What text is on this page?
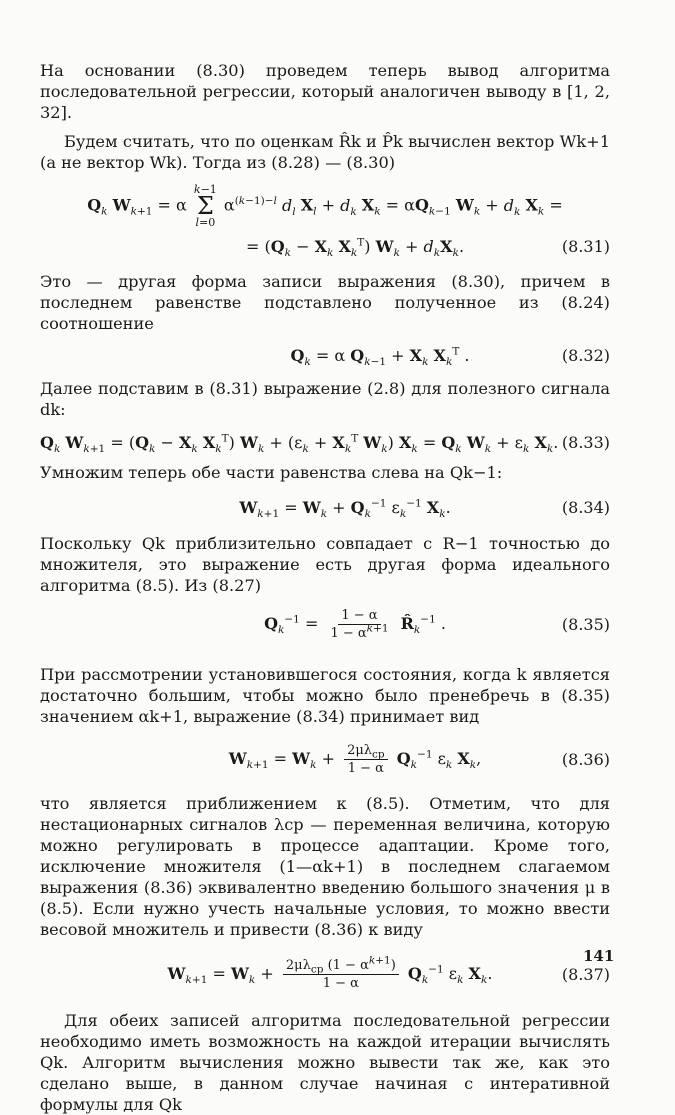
На основании (8.30) проведем теперь вывод алгоритма последовательной регрессии, который аналогичен выводу в [1, 2, 32].

Будем считать, что по оценкам R̂k и P̂k вычислен вектор Wk+1 (а не вектор Wk). Тогда из (8.28) — (8.30)

$Q_k$ $W_{k+1} = \alpha$
k−1
Σ
l=0
$\alpha^{(k-1)-l}$ $d_l$ $X_l + d_k$ $X_k = \alpha Q_{k-1}$ $W_k + d_k$ $X_k$ =
= ($Q_k - X_k$ $X_k^T$) $W_k + d_kX_k$.	(8.31)

Это — другая форма записи выражения (8.30), причем в последнем равенстве подставлено полученное из (8.24) соотношение

$Q_k = \alpha$ $Q_{k-1} + X_k$ $X_k^T$ .	(8.32)

Далее подставим в (8.31) выражение (2.8) для полезного сигнала dk:

$Q_k$ $W_{k+1} = (Q_k - X_k$ $X_k^T$) $W_k + (\varepsilon_k + X_k^T$ $W_k$) $X_k = Q_k$ $W_k + \varepsilon_k$ $X_k$. (8.33)

Умножим теперь обе части равенства слева на Qk−1:

$W_{k+1} = W_k + Q_k^{-1}$ $\varepsilon_k^{-1}$ $X_k$.	(8.34)

Поскольку Qk приблизительно совпадает с R−1 точностью до множителя, это выражение есть другая форма идеального алгоритма (8.5). Из (8.27)

$Q_k^{-1} = \frac{1 - \alpha}{1 - \alpha^{k+1}}$ $R̂_k^{-1}$ .	(8.35)

При рассмотрении установившегося состояния, когда k является достаточно большим, чтобы можно было пренебречь в (8.35) значением αk+1, выражение (8.34) принимает вид

$W_{k+1} = W_k + \frac{2\mu\lambda_{cp}}{1 - \alpha} Q_k^{-1}$ $\varepsilon_k$ $X_k$,	(8.36)

что является приближением к (8.5). Отметим, что для нестационарных сигналов λcp — переменная величина, которую можно регулировать в процессе адаптации. Кроме того, исключение множителя (1—αk+1) в последнем слагаемом выражения (8.36) эквивалентно введению большого значения μ в (8.5). Если нужно учесть начальные условия, то можно ввести весовой множитель и привести (8.36) к виду

$W_{k+1} = W_k + \frac{2\mu\lambda_{cp} (1 - \alpha^{k+1})}{1 - \alpha} Q_k^{-1}$ $\varepsilon_k$ $X_k$.	(8.37)

Для обеих записей алгоритма последовательной регрессии необходимо иметь возможность на каждой итерации вычислять Qk. Алгоритм вычисления можно вывести так же, как это сделано выше, в данном случае начиная с интеративной формулы для Qk

141
